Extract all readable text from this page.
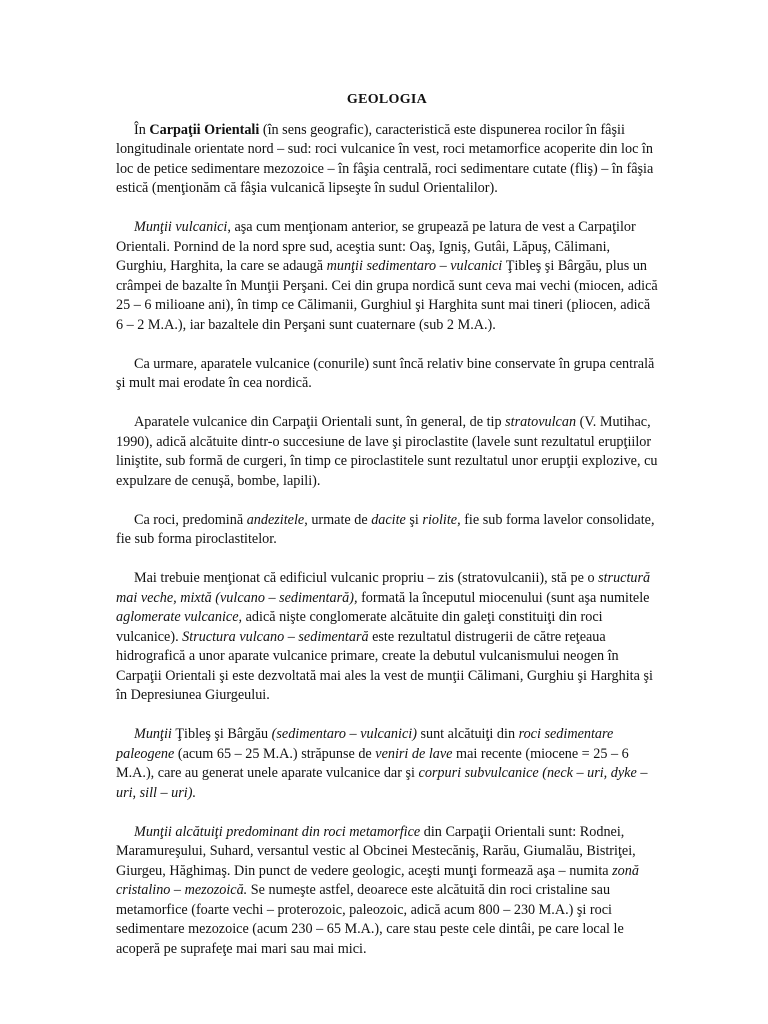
GEOLOGIA

În Carpaţii Orientali (în sens geografic), caracteristică este dispunerea rocilor în fâşii longitudinale orientate nord – sud: roci vulcanice în vest, roci metamorfice acoperite din loc în loc de petice sedimentare mezozoice – în fâşia centrală, roci sedimentare cutate (fliş) – în fâşia estică (menţionăm că fâşia vulcanică lipseşte în sudul Orientalilor).

Munţii vulcanici, aşa cum menţionam anterior, se grupează pe latura de vest a Carpaţilor Orientali. Pornind de la nord spre sud, aceştia sunt: Oaş, Igniş, Gutâi, Lăpuş, Călimani, Gurghiu, Harghita, la care se adaugă munţii sedimentaro – vulcanici Ţibleş şi Bârgău, plus un crâmpei de bazalte în Munţii Perşani. Cei din grupa nordică sunt ceva mai vechi (miocen, adică 25 – 6 milioane ani), în timp ce Călimanii, Gurghiul şi Harghita sunt mai tineri (pliocen, adică 6 – 2 M.A.), iar bazaltele din Perşani sunt cuaternare (sub 2 M.A.).

Ca urmare, aparatele vulcanice (conurile) sunt încă relativ bine conservate în grupa centrală şi mult mai erodate în cea nordică.

Aparatele vulcanice din Carpaţii Orientali sunt, în general, de tip stratovulcan (V. Mutihac, 1990), adică alcătuite dintr-o succesiune de lave şi piroclastite (lavele sunt rezultatul erupţiilor liniştite, sub formă de curgeri, în timp ce piroclastitele sunt rezultatul unor erupţii explozive, cu expulzare de cenuşă, bombe, lapili).

Ca roci, predomină andezitele, urmate de dacite şi riolite, fie sub forma lavelor consolidate, fie sub forma piroclastitelor.

Mai trebuie menţionat că edificiul vulcanic propriu – zis (stratovulcanii), stă pe o structură mai veche, mixtă (vulcano – sedimentară), formată la începutul miocenului (sunt aşa numitele aglomerate vulcanice, adică nişte conglomerate alcătuite din galeţi constituiţi din roci vulcanice). Structura vulcano – sedimentară este rezultatul distrugerii de către reţeaua hidrografică a unor aparate vulcanice primare, create la debutul vulcanismului neogen în Carpaţii Orientali şi este dezvoltată mai ales la vest de munţii Călimani, Gurghiu şi Harghita şi în Depresiunea Giurgeului.

Munţii Ţibleş şi Bârgău (sedimentaro – vulcanici) sunt alcătuiţi din roci sedimentare paleogene (acum 65 – 25 M.A.) străpunse de veniri de lave mai recente (miocene = 25 – 6 M.A.), care au generat unele aparate vulcanice dar şi corpuri subvulcanice (neck – uri, dyke – uri, sill – uri).

Munţii alcătuiţi predominant din roci metamorfice din Carpaţii Orientali sunt: Rodnei, Maramureşului, Suhard, versantul vestic al Obcinei Mestecăniş, Rarău, Giumalău, Bistriţei, Giurgeu, Hăghimaş. Din punct de vedere geologic, aceşti munţi formează aşa – numita zonă cristalino – mezozoică. Se numeşte astfel, deoarece este alcătuită din roci cristaline sau metamorfice (foarte vechi – proterozoic, paleozoic, adică acum 800 – 230 M.A.) şi roci sedimentare mezozoice (acum 230 – 65 M.A.), care stau peste cele dintâi, pe care local le acoperă pe suprafeţe mai mari sau mai mici.
